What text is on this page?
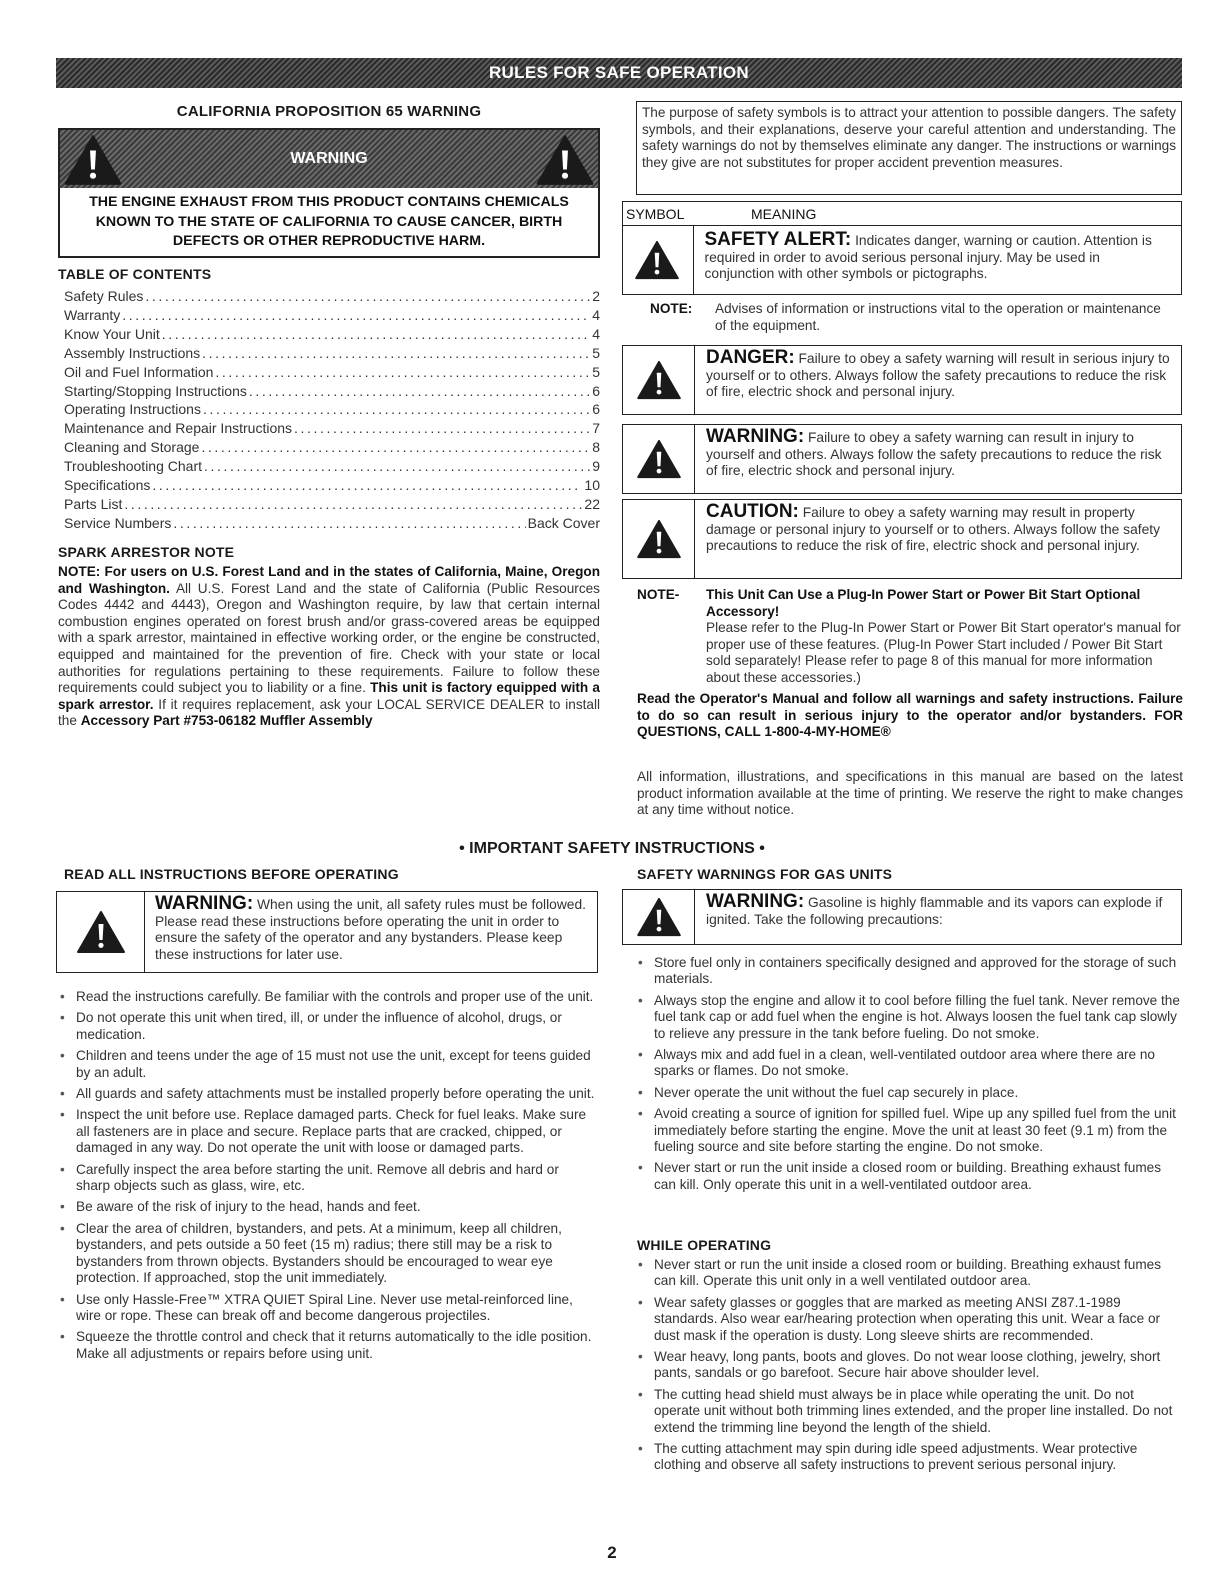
RULES FOR SAFE OPERATION
CALIFORNIA PROPOSITION 65 WARNING
WARNING
THE ENGINE EXHAUST FROM THIS PRODUCT CONTAINS CHEMICALS
KNOWN TO THE STATE OF CALIFORNIA TO CAUSE CANCER, BIRTH
DEFECTS OR OTHER REPRODUCTIVE HARM.
TABLE OF CONTENTS
Safety Rules .....	2
Warranty .....	4
Know Your Unit .....	4
Assembly Instructions .....	5
Oil and Fuel Information .....	5
Starting/Stopping Instructions .....	6
Operating Instructions .....	6
Maintenance and Repair Instructions .....	7
Cleaning and Storage .....	8
Troubleshooting Chart .....	9
Specifications .....	10
Parts List .....	22
Service Numbers .....	Back Cover
SPARK ARRESTOR NOTE
NOTE: For users on U.S. Forest Land and in the states of California, Maine, Oregon and Washington. All U.S. Forest Land and the state of California (Public Resources Codes 4442 and 4443), Oregon and Washington require, by law that certain internal combustion engines operated on forest brush and/or grass-covered areas be equipped with a spark arrestor, maintained in effective working order, or the engine be constructed, equipped and maintained for the prevention of fire. Check with your state or local authorities for regulations pertaining to these requirements. Failure to follow these requirements could subject you to liability or a fine. This unit is factory equipped with a spark arrestor. If it requires replacement, ask your LOCAL SERVICE DEALER to install the Accessory Part #753-06182 Muffler Assembly
The purpose of safety symbols is to attract your attention to possible dangers. The safety symbols, and their explanations, deserve your careful attention and understanding. The safety warnings do not by themselves eliminate any danger. The instructions or warnings they give are not substitutes for proper accident prevention measures.
SYMBOL	MEANING
SAFETY ALERT: Indicates danger, warning or caution. Attention is required in order to avoid serious personal injury. May be used in conjunction with other symbols or pictographs.
NOTE: Advises of information or instructions vital to the operation or maintenance of the equipment.
DANGER: Failure to obey a safety warning will result in serious injury to yourself or to others. Always follow the safety precautions to reduce the risk of fire, electric shock and personal injury.
WARNING: Failure to obey a safety warning can result in injury to yourself and others. Always follow the safety precautions to reduce the risk of fire, electric shock and personal injury.
CAUTION: Failure to obey a safety warning may result in property damage or personal injury to yourself or to others. Always follow the safety precautions to reduce the risk of fire, electric shock and personal injury.
NOTE- This Unit Can Use a Plug-In Power Start or Power Bit Start Optional Accessory!
Please refer to the Plug-In Power Start or Power Bit Start operator's manual for proper use of these features. (Plug-In Power Start included / Power Bit Start sold separately! Please refer to page 8 of this manual for more information about these accessories.)
Read the Operator's Manual and follow all warnings and safety instructions. Failure to do so can result in serious injury to the operator and/or bystanders. FOR QUESTIONS, CALL 1-800-4-MY-HOME®
All information, illustrations, and specifications in this manual are based on the latest product information available at the time of printing. We reserve the right to make changes at any time without notice.
• IMPORTANT SAFETY INSTRUCTIONS •
READ ALL INSTRUCTIONS BEFORE OPERATING
WARNING: When using the unit, all safety rules must be followed. Please read these instructions before operating the unit in order to ensure the safety of the operator and any bystanders. Please keep these instructions for later use.
• Read the instructions carefully. Be familiar with the controls and proper use of the unit.
• Do not operate this unit when tired, ill, or under the influence of alcohol, drugs, or medication.
• Children and teens under the age of 15 must not use the unit, except for teens guided by an adult.
• All guards and safety attachments must be installed properly before operating the unit.
• Inspect the unit before use. Replace damaged parts. Check for fuel leaks. Make sure all fasteners are in place and secure. Replace parts that are cracked, chipped, or damaged in any way. Do not operate the unit with loose or damaged parts.
• Carefully inspect the area before starting the unit. Remove all debris and hard or sharp objects such as glass, wire, etc.
• Be aware of the risk of injury to the head, hands and feet.
• Clear the area of children, bystanders, and pets. At a minimum, keep all children, bystanders, and pets outside a 50 feet (15 m) radius; there still may be a risk to bystanders from thrown objects. Bystanders should be encouraged to wear eye protection. If approached, stop the unit immediately.
• Use only Hassle-Free™ XTRA QUIET Spiral Line. Never use metal-reinforced line, wire or rope. These can break off and become dangerous projectiles.
• Squeeze the throttle control and check that it returns automatically to the idle position. Make all adjustments or repairs before using unit.
SAFETY WARNINGS FOR GAS UNITS
WARNING: Gasoline is highly flammable and its vapors can explode if ignited. Take the following precautions:
• Store fuel only in containers specifically designed and approved for the storage of such materials.
• Always stop the engine and allow it to cool before filling the fuel tank. Never remove the fuel tank cap or add fuel when the engine is hot. Always loosen the fuel tank cap slowly to relieve any pressure in the tank before fueling. Do not smoke.
• Always mix and add fuel in a clean, well-ventilated outdoor area where there are no sparks or flames. Do not smoke.
• Never operate the unit without the fuel cap securely in place.
• Avoid creating a source of ignition for spilled fuel. Wipe up any spilled fuel from the unit immediately before starting the engine. Move the unit at least 30 feet (9.1 m) from the fueling source and site before starting the engine. Do not smoke.
• Never start or run the unit inside a closed room or building. Breathing exhaust fumes can kill. Only operate this unit in a well-ventilated outdoor area.
WHILE OPERATING
• Never start or run the unit inside a closed room or building. Breathing exhaust fumes can kill. Operate this unit only in a well ventilated outdoor area.
• Wear safety glasses or goggles that are marked as meeting ANSI Z87.1-1989 standards. Also wear ear/hearing protection when operating this unit. Wear a face or dust mask if the operation is dusty. Long sleeve shirts are recommended.
• Wear heavy, long pants, boots and gloves. Do not wear loose clothing, jewelry, short pants, sandals or go barefoot. Secure hair above shoulder level.
• The cutting head shield must always be in place while operating the unit. Do not operate unit without both trimming lines extended, and the proper line installed. Do not extend the trimming line beyond the length of the shield.
• The cutting attachment may spin during idle speed adjustments. Wear protective clothing and observe all safety instructions to prevent serious personal injury.
2
